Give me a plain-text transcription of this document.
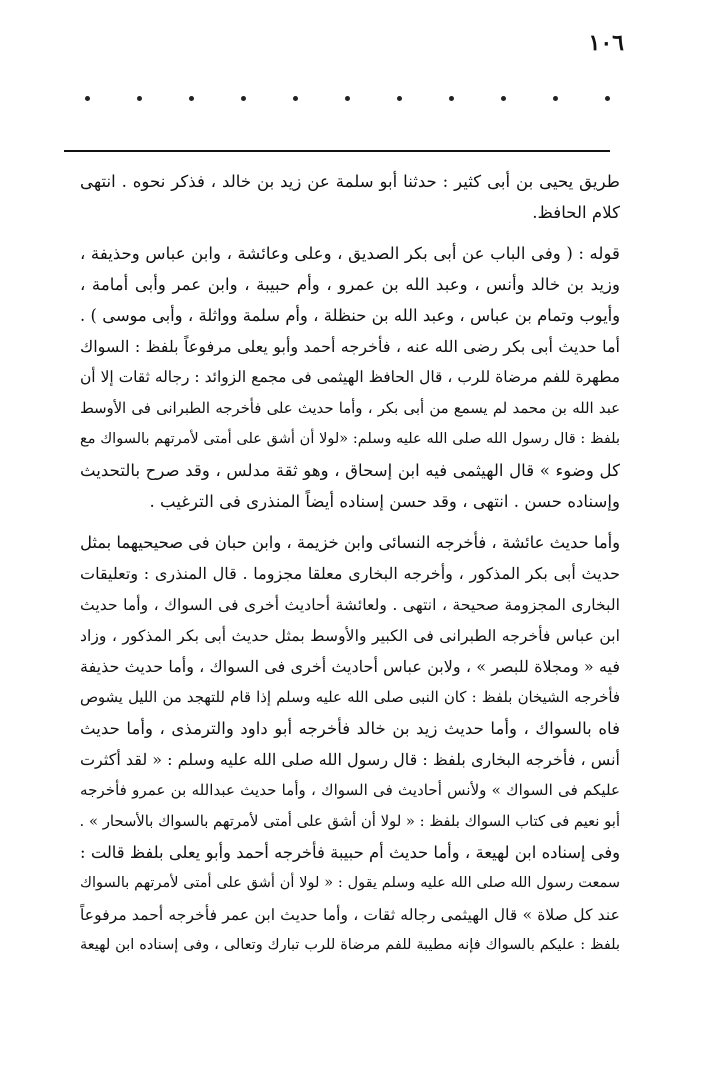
١٠٦
طريق يحيى بن أبى كثير : حدثنا أبو سلمة عن زيد بن خالد ، فذكر نحوه . انتهى
كلام الحافظ.
قوله : ( وفى الباب عن أبى بكر الصديق ، وعلى وعائشة ، وابن عباس وحذيفة ،
وزيد بن خالد وأنس ، وعبد الله بن عمرو ، وأم حبيبة ، وابن عمر وأبى أمامة ،
وأيوب وتمام بن عباس ، وعبد الله بن حنظلة ، وأم سلمة وواثلة ، وأبى موسى ) .
أما حديث أبى بكر رضى الله عنه ، فأخرجه أحمد وأبو يعلى مرفوعاً بلفظ : السواك
مطهرة للفم مرضاة للرب ، قال الحافظ الهيثمى فى مجمع الزوائد : رجاله ثقات إلا أن
عبد الله بن محمد لم يسمع من أبى بكر ، وأما حديث على فأخرجه الطبرانى فى الأوسط
بلفظ : قال رسول الله صلى الله عليه وسلم: «لولا أن أشق على أمتى لأمرتهم بالسواك مع
كل وضوء » قال الهيثمى فيه ابن إسحاق ، وهو ثقة مدلس ، وقد صرح بالتحديث
وإسناده حسن . انتهى ، وقد حسن إسناده أيضاً المنذرى فى الترغيب .
وأما حديث عائشة ، فأخرجه النسائى وابن خزيمة ، وابن حبان فى صحيحيهما بمثل
حديث أبى بكر المذكور ، وأخرجه البخارى معلقا مجزوما . قال المنذرى : وتعليقات
البخارى المجزومة صحيحة ، انتهى . ولعائشة أحاديث أخرى فى السواك ، وأما حديث
ابن عباس فأخرجه الطبرانى فى الكبير والأوسط بمثل حديث أبى بكر المذكور ، وزاد
فيه « ومجلاة للبصر » ، ولابن عباس أحاديث أخرى فى السواك ، وأما حديث حذيفة
فأخرجه الشيخان بلفظ : كان النبى صلى الله عليه وسلم إذا قام للتهجد من الليل يشوص
فاه بالسواك ، وأما حديث زيد بن خالد فأخرجه أبو داود والترمذى ، وأما حديث
أنس ، فأخرجه البخارى بلفظ : قال رسول الله صلى الله عليه وسلم : « لقد أكثرت
عليكم فى السواك » ولأنس أحاديث فى السواك ، وأما حديث عبدالله بن عمرو فأخرجه
أبو نعيم فى كتاب السواك بلفظ : « لولا أن أشق على أمتى لأمرتهم بالسواك بالأسحار » .
وفى إسناده ابن لهيعة ، وأما حديث أم حبيبة فأخرجه أحمد وأبو يعلى بلفظ قالت :
سمعت رسول الله صلى الله عليه وسلم يقول : « لولا أن أشق على أمتى لأمرتهم بالسواك
عند كل صلاة » قال الهيثمى رجاله ثقات ، وأما حديث ابن عمر فأخرجه أحمد مرفوعاً
بلفظ : عليكم بالسواك فإنه مطيبة للفم مرضاة للرب تبارك وتعالى ، وفى إسناده ابن لهيعة
